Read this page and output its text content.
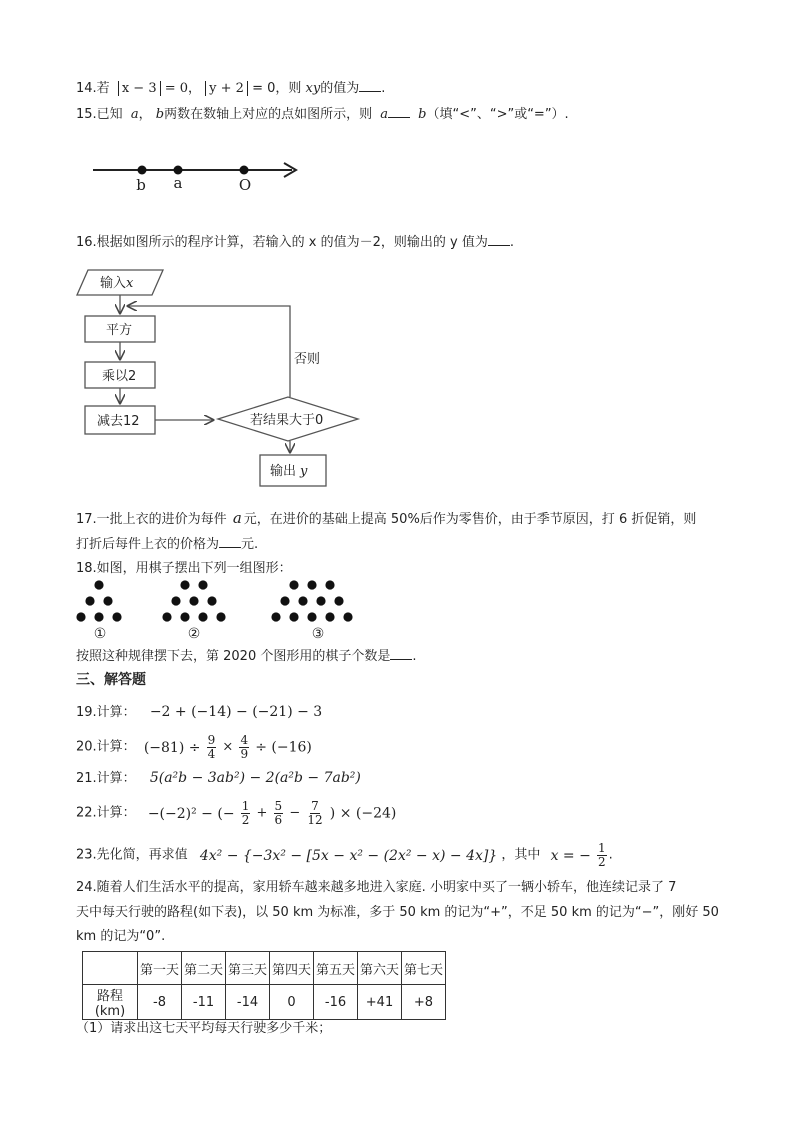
14.若 x − 3 = 0， y + 2 = 0，则 xy的值为 .
15.已知 a， b两数在数轴上对应的点如图所示，则 a b（填“<”、“>”或“=”）.
b a	O
16.根据如图所示的程序计算，若输入的 x 的值为－2，则输出的 y 值为 .
输入x
平方
乘以2
减去12	若结果大于0
否则
输出 y
17.一批上衣的进价为每件 a 元，在进价的基础上提高 50%后作为零售价，由于季节原因，打 6 折促销，则
打折后每件上衣的价格为 元.
18.如图，用棋子摆出下列一组图形：
①	②	③
按照这种规律摆下去，第 2020 个图形用的棋子个数是 .
三、解答题
19.计算： −2 + (−14) − (−21) − 3
20.计算： $(-81) \div \frac{9}{4} \times \frac{4}{9} \div (-16)$
21.计算： 5(a²b − 3ab²) − 2(a²b − 7ab²)
22.计算： −(−2)² − (− $\frac{1}{2} + \frac{5}{6} - \frac{7}{12}$ ) × (−24)
23.先化简，再求值 4x² − {−3x² − [5x − x² − (2x² − x) − 4x]} ，其中 x = − $\frac{1}{2}$ .
24.随着人们生活水平的提高，家用轿车越来越多地进入家庭. 小明家中买了一辆小轿车，他连续记录了 7
天中每天行驶的路程(如下表)，以 50 km 为标准，多于 50 km 的记为“+”，不足 50 km 的记为“−”，刚好 50
km 的记为“0”.
	第一天	第二天	第三天	第四天	第五天	第六天	第七天
路程(km)	-8	-11	-14	0	-16	+41	+8
（1）请求出这七天平均每天行驶多少千米；
